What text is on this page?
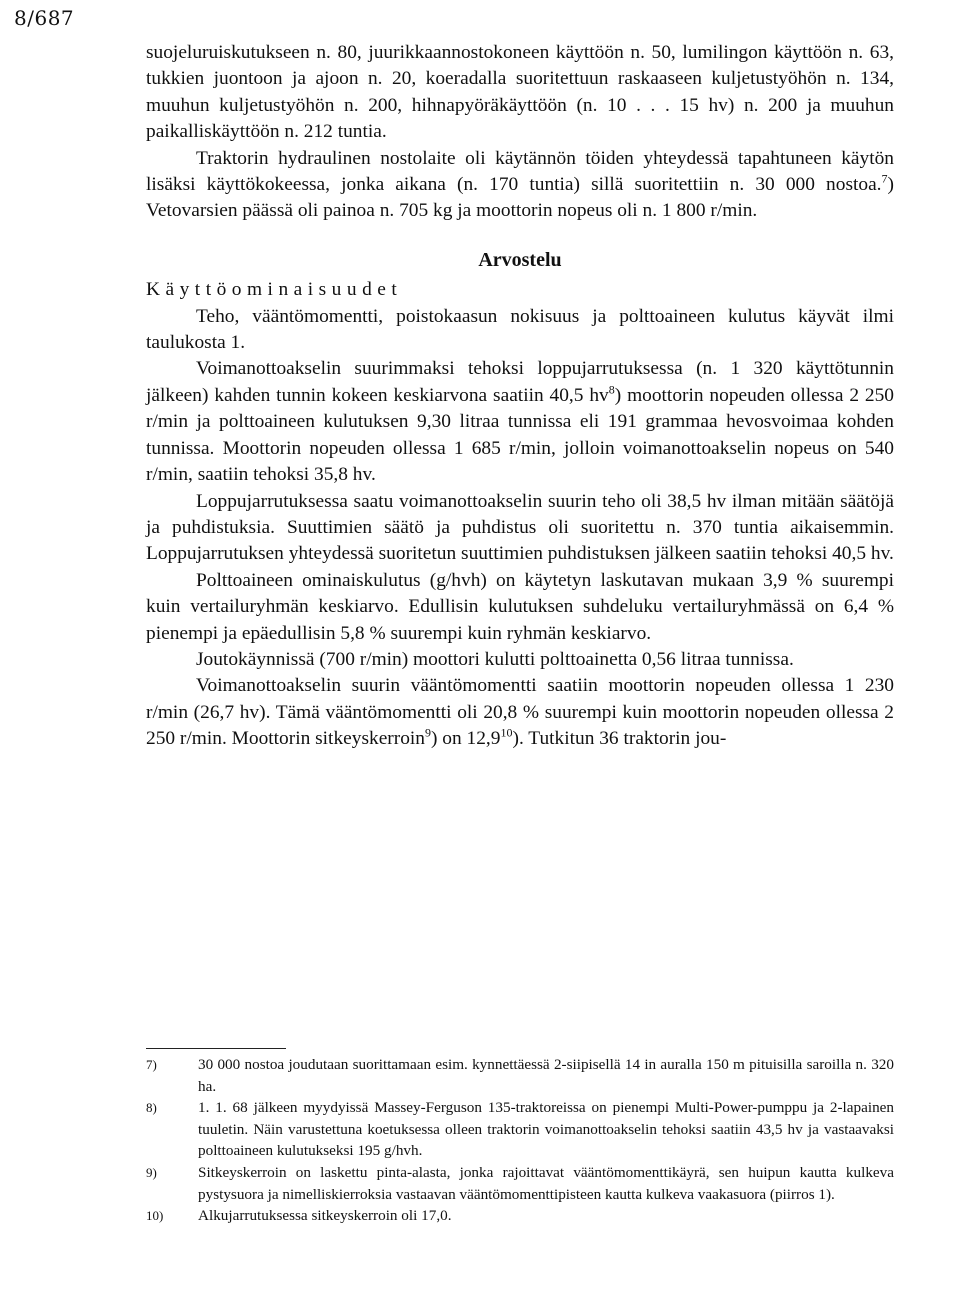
8/687

suojeluruiskutukseen n. 80, juurikkaannostokoneen käyttöön n. 50, lumilingon käyttöön n. 63, tukkien juontoon ja ajoon n. 20, koeradalla suoritettuun raskaaseen kuljetustyöhön n. 134, muuhun kuljetustyöhön n. 200, hihnapyöräkäyttöön (n. 10 . . . 15 hv) n. 200 ja muuhun paikalliskäyttöön n. 212 tuntia.

Traktorin hydraulinen nostolaite oli käytännön töiden yhteydessä tapahtuneen käytön lisäksi käyttökokeessa, jonka aikana (n. 170 tuntia) sillä suoritettiin n. 30 000 nostoa.$^7$) Vetovarsien päässä oli painoa n. 705 kg ja moottorin nopeus oli n. 1 800 r/min.

Arvostelu

Käyttöominaisuudet

Teho, vääntömomentti, poistokaasun nokisuus ja polttoaineen kulutus käyvät ilmi taulukosta 1.

Voimanottoakselin suurimmaksi tehoksi loppujarrutuksessa (n. 1 320 käyttötunnin jälkeen) kahden tunnin kokeen keskiarvona saatiin 40,5 $hv^8$) moottorin nopeuden ollessa 2 250 r/min ja polttoaineen kulutuksen 9,30 litraa tunnissa eli 191 grammaa hevosvoimaa kohden tunnissa. Moottorin nopeuden ollessa 1 685 r/min, jolloin voimanottoakselin nopeus on 540 r/min, saatiin tehoksi 35,8 hv.

Loppujarrutuksessa saatu voimanottoakselin suurin teho oli 38,5 hv ilman mitään säätöjä ja puhdistuksia. Suuttimien säätö ja puhdistus oli suoritettu n. 370 tuntia aikaisemmin. Loppujarrutuksen yhteydessä suoritetun suuttimien puhdistuksen jälkeen saatiin tehoksi 40,5 hv.

Polttoaineen ominaiskulutus (g/hvh) on käytetyn laskutavan mukaan 3,9 % suurempi kuin vertailuryhmän keskiarvo. Edullisin kulutuksen suhdeluku vertailuryhmässä on 6,4 % pienempi ja epäedullisin 5,8 % suurempi kuin ryhmän keskiarvo.

Joutokäynnissä (700 r/min) moottori kulutti polttoainetta 0,56 litraa tunnissa.

Voimanottoakselin suurin vääntömomentti saatiin moottorin nopeuden ollessa 1 230 r/min (26,7 hv). Tämä vääntömomentti oli 20,8 % suurempi kuin moottorin nopeuden ollessa 2 250 r/min. Moottorin sitkeyskerroin$^9$) on 12,9$^{10}$). Tutkitun 36 traktorin jou-

7)	30 000 nostoa joudutaan suorittamaan esim. kynnettäessä 2-siipisellä 14 in auralla 150 m pituisilla saroilla n. 320 ha.
8)	1. 1. 68 jälkeen myydyissä Massey-Ferguson 135-traktoreissa on pienempi Multi-Power-pumppu ja 2-lapainen tuuletin. Näin varustettuna koetuksessa olleen traktorin voimanottoakselin tehoksi saatiin 43,5 hv ja vastaavaksi polttoaineen kulutukseksi 195 g/hvh.
9)	Sitkeyskerroin on laskettu pinta-alasta, jonka rajoittavat vääntömomenttikäyrä, sen huipun kautta kulkeva pystysuora ja nimelliskierroksia vastaavan vääntömomenttipisteen kautta kulkeva vaakasuora (piirros 1).
10)	Alkujarrutuksessa sitkeyskerroin oli 17,0.
